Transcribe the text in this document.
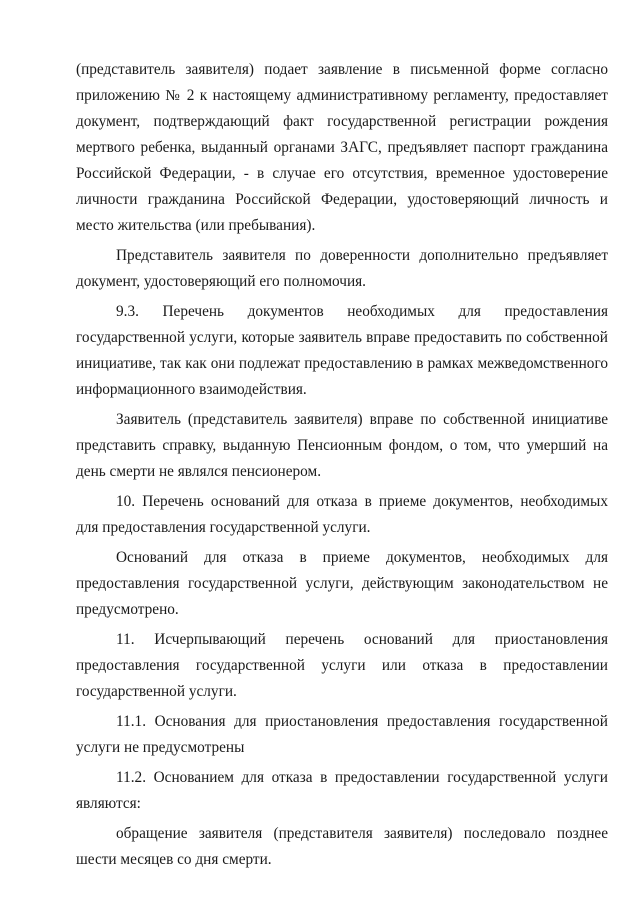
(представитель заявителя) подает заявление в письменной форме согласно приложению № 2 к настоящему административному регламенту, предоставляет документ, подтверждающий факт государственной регистрации рождения мертвого ребенка, выданный органами ЗАГС, предъявляет паспорт гражданина Российской Федерации, - в случае его отсутствия, временное удостоверение личности гражданина Российской Федерации, удостоверяющий личность и место жительства (или пребывания).

Представитель заявителя по доверенности дополнительно предъявляет документ, удостоверяющий его полномочия.

9.3. Перечень документов необходимых для предоставления государственной услуги, которые заявитель вправе предоставить по собственной инициативе, так как они подлежат предоставлению в рамках межведомственного информационного взаимодействия.

Заявитель (представитель заявителя) вправе по собственной инициативе представить справку, выданную Пенсионным фондом, о том, что умерший на день смерти не являлся пенсионером.

10. Перечень оснований для отказа в приеме документов, необходимых для предоставления государственной услуги.

Оснований для отказа в приеме документов, необходимых для предоставления государственной услуги, действующим законодательством не предусмотрено.

11. Исчерпывающий перечень оснований для приостановления предоставления государственной услуги или отказа в предоставлении государственной услуги.

11.1. Основания для приостановления предоставления государственной услуги не предусмотрены

11.2. Основанием для отказа в предоставлении государственной услуги являются:

обращение заявителя (представителя заявителя) последовало позднее шести месяцев со дня смерти.
